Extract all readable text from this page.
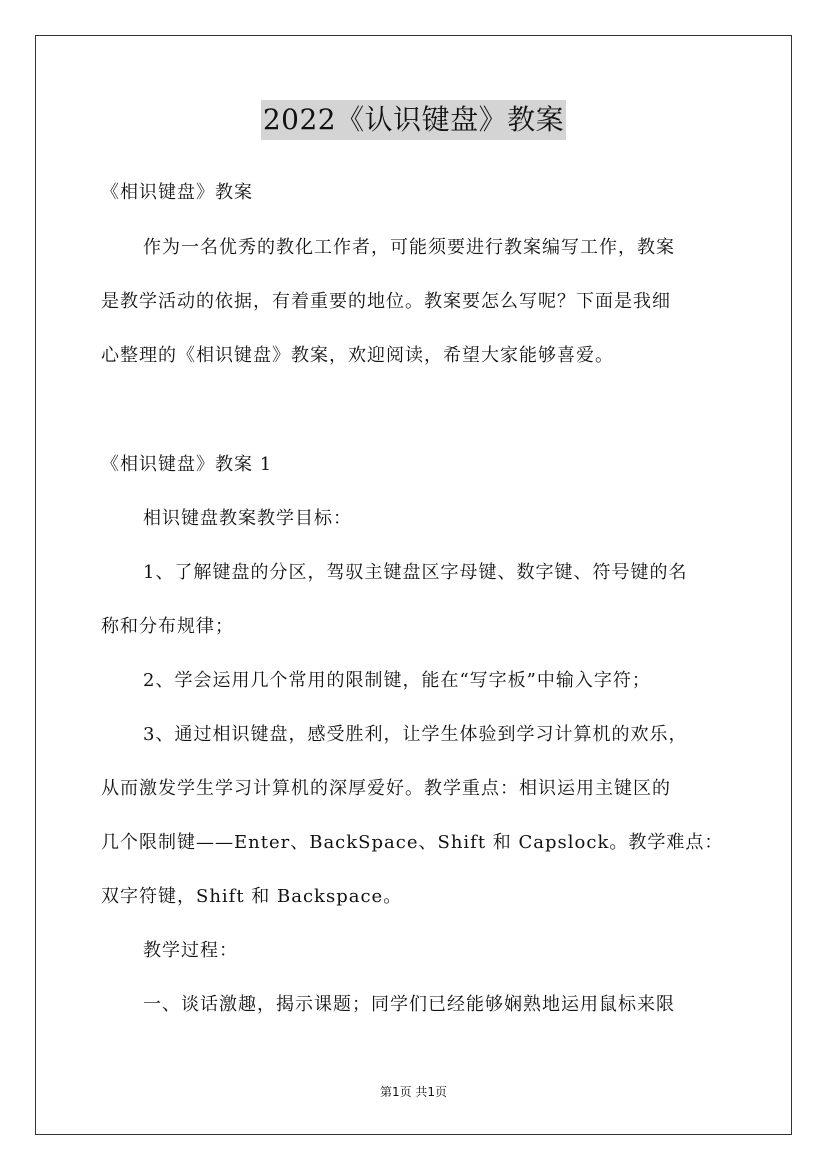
2022《认识键盘》教案
《相识键盘》教案
作为一名优秀的教化工作者，可能须要进行教案编写工作，教案
是教学活动的依据，有着重要的地位。教案要怎么写呢？下面是我细
心整理的《相识键盘》教案，欢迎阅读，希望大家能够喜爱。
《相识键盘》教案 1
相识键盘教案教学目标：
1、了解键盘的分区，驾驭主键盘区字母键、数字键、符号键的名
称和分布规律；
2、学会运用几个常用的限制键，能在“写字板”中输入字符；
3、通过相识键盘，感受胜利，让学生体验到学习计算机的欢乐，
从而激发学生学习计算机的深厚爱好。教学重点：相识运用主键区的
几个限制键——Enter、BackSpace、Shift 和 Capslock。教学难点：
双字符键，Shift 和 Backspace。
教学过程：
一、谈话激趣，揭示课题；同学们已经能够娴熟地运用鼠标来限
第1页 共1页
